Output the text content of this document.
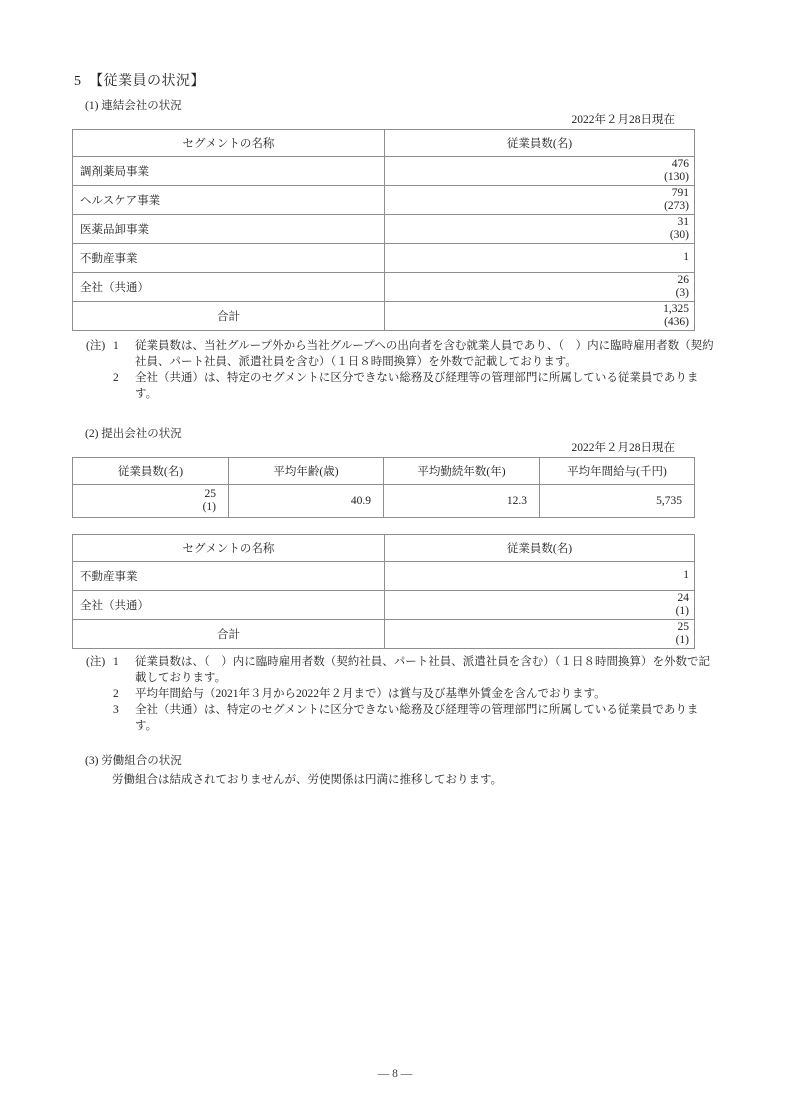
5　【従業員の状況】
(1) 連結会社の状況
2022年２月28日現在
セグメントの名称	従業員数(名)
調剤薬局事業	476
(130)

ヘルスケア事業	791
(273)

医薬品卸事業	31
(30)

不動産事業	1

全社（共通）	26
(3)

合計	1,325
(436)
(注) 1	従業員数は、当社グループ外から当社グループへの出向者を含む就業人員であり、（　）内に臨時雇用者数（契約社員、パート社員、派遣社員を含む）（１日８時間換算）を外数で記載しております。
2	全社（共通）は、特定のセグメントに区分できない総務及び経理等の管理部門に所属している従業員であります。
(2) 提出会社の状況
2022年２月28日現在
従業員数(名)	平均年齢(歳)	平均勤続年数(年)	平均年間給与(千円)

25
(1)	40.9	12.3	5,735
セグメントの名称	従業員数(名)
不動産事業	1

全社（共通）	24
(1)

合計	25
(1)
(注) 1	従業員数は、（　）内に臨時雇用者数（契約社員、パート社員、派遣社員を含む）（１日８時間換算）を外数で記載しております。
2	平均年間給与（2021年３月から2022年２月まで）は賞与及び基準外賃金を含んでおります。
3	全社（共通）は、特定のセグメントに区分できない総務及び経理等の管理部門に所属している従業員であります。
(3) 労働組合の状況
労働組合は結成されておりませんが、労使関係は円満に推移しております。
― 8 ―
